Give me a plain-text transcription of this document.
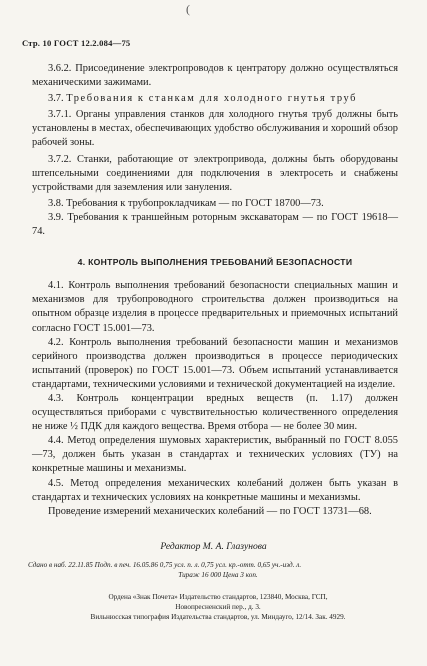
(
Стр. 10 ГОСТ 12.2.084—75

3.6.2. Присоединение электропроводов к центратору должно осуществляться механическими зажимами.

3.7. Требования к станкам для холодного гнутья труб

3.7.1. Органы управления станков для холодного гнутья труб должны быть установлены в местах, обеспечивающих удобство обслуживания и хороший обзор рабочей зоны.

3.7.2. Станки, работающие от электропривода, должны быть оборудованы штепсельными соединениями для подключения в электросеть и снабжены устройствами для заземления или зануления.

3.8. Требования к трубопрокладчикам — по ГОСТ 18700—73.

3.9. Требования к траншейным роторным экскаваторам — по ГОСТ 19618—74.

4. КОНТРОЛЬ ВЫПОЛНЕНИЯ ТРЕБОВАНИЙ БЕЗОПАСНОСТИ

4.1. Контроль выполнения требований безопасности специальных машин и механизмов для трубопроводного строительства должен производиться на опытном образце изделия в процессе предварительных и приемочных испытаний согласно ГОСТ 15.001—73.

4.2. Контроль выполнения требований безопасности машин и механизмов серийного производства должен производиться в процессе периодических испытаний (проверок) по ГОСТ 15.001—73. Объем испытаний устанавливается стандартами, техническими условиями и технической документацией на изделие.

4.3. Контроль концентрации вредных веществ (п. 1.17) должен осуществляться приборами с чувствительностью количественного определения не ниже ½ ПДК для каждого вещества. Время отбора — не более 30 мин.

4.4. Метод определения шумовых характеристик, выбранный по ГОСТ 8.055—73, должен быть указан в стандартах и технических условиях (ТУ) на конкретные машины и механизмы.

4.5. Метод определения механических колебаний должен быть указан в стандартах и технических условиях на конкретные машины и механизмы.

Проведение измерений механических колебаний — по ГОСТ 13731—68.

Редактор М. А. Глазунова
Сдано в наб. 22.11.85 Подп. в печ. 16.05.86 0,75 усл. п. л. 0,75 усл. кр.-отт. 0,65 уч.-изд. л.
Тираж 16 000 Цена 3 коп.
Ордена «Знак Почета» Издательство стандартов, 123840, Москва, ГСП,
Новопресненский пер., д. 3.
Вильнюсская типография Издательства стандартов, ул. Миндауго, 12/14. Зак. 4929.
